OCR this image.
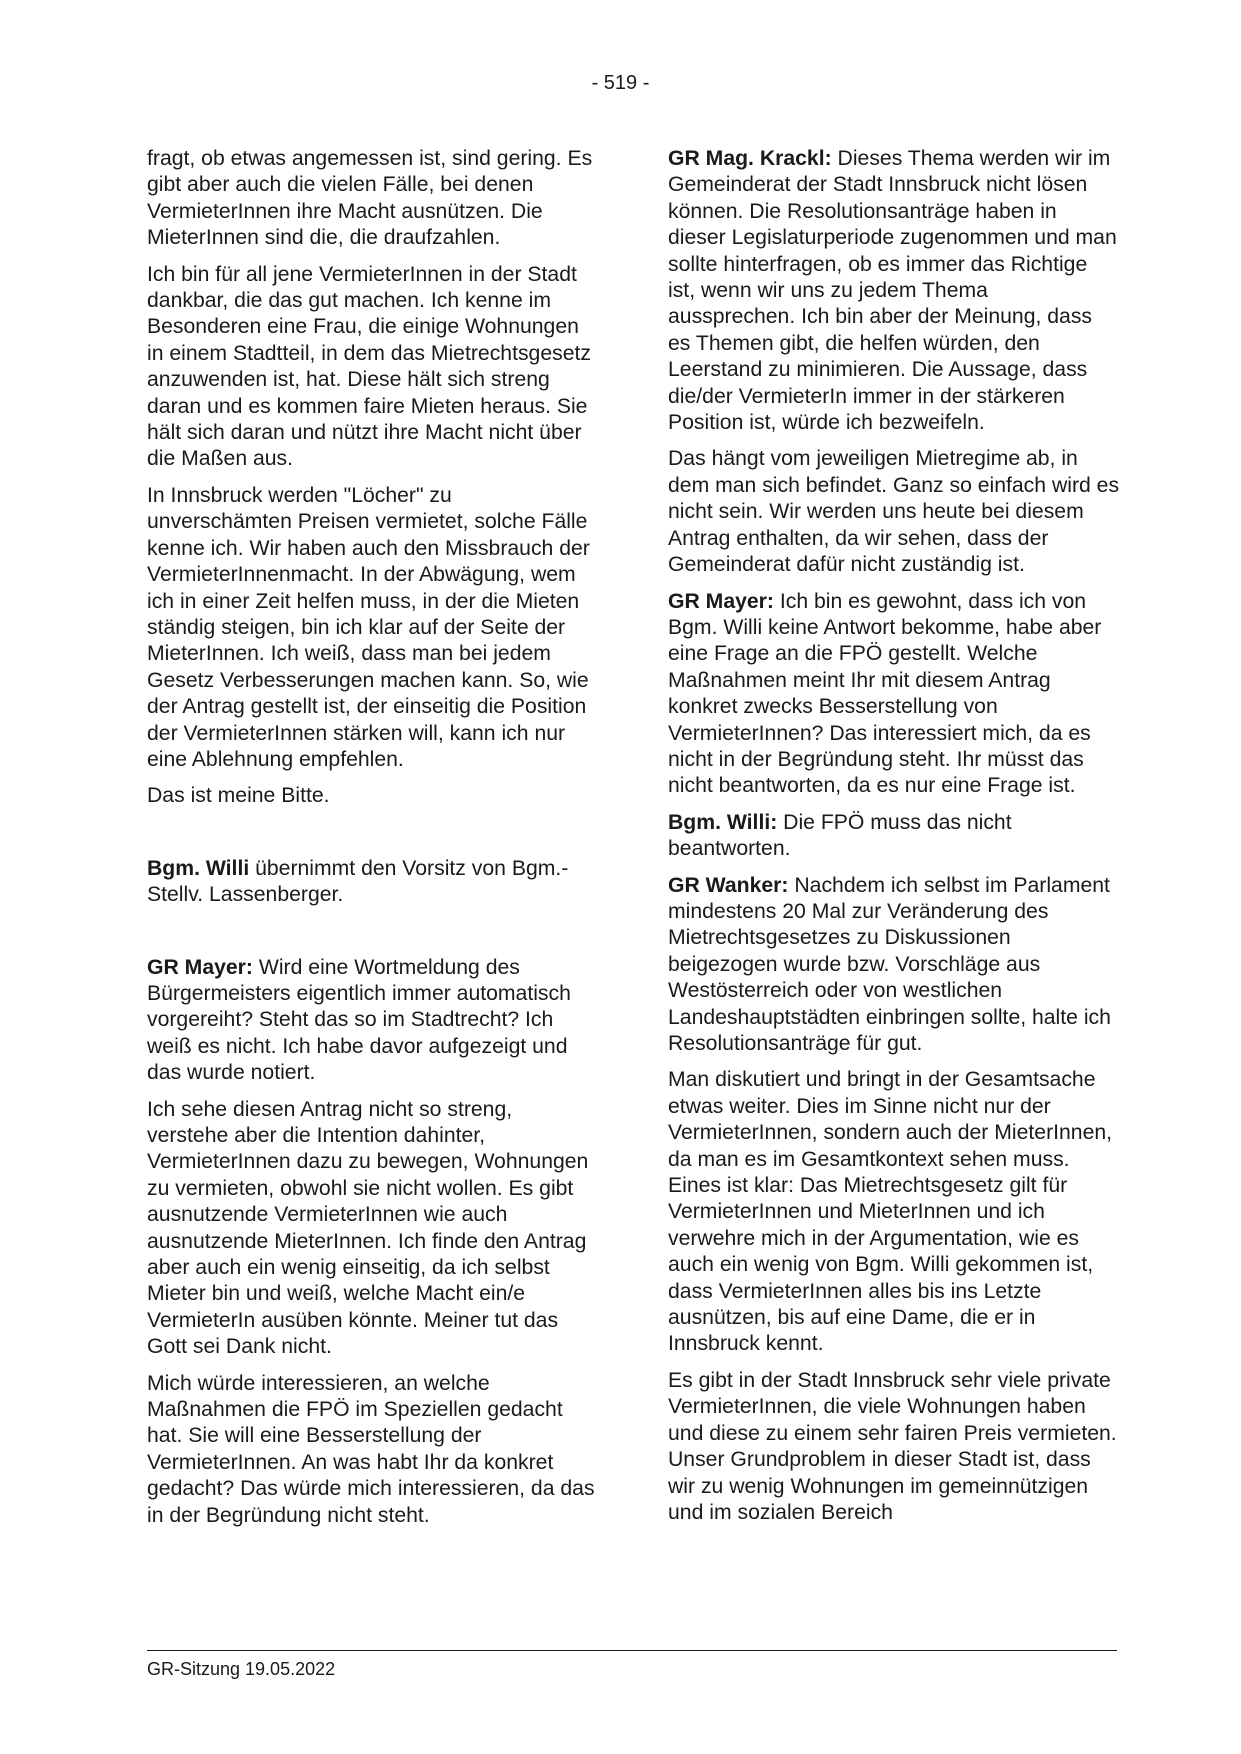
- 519 -

fragt, ob etwas angemessen ist, sind gering. Es gibt aber auch die vielen Fälle, bei denen VermieterInnen ihre Macht ausnützen. Die MieterInnen sind die, die draufzahlen.

Ich bin für all jene VermieterInnen in der Stadt dankbar, die das gut machen. Ich kenne im Besonderen eine Frau, die einige Wohnungen in einem Stadtteil, in dem das Mietrechtsgesetz anzuwenden ist, hat. Diese hält sich streng daran und es kommen faire Mieten heraus. Sie hält sich daran und nützt ihre Macht nicht über die Maßen aus.

In Innsbruck werden "Löcher" zu unverschämten Preisen vermietet, solche Fälle kenne ich. Wir haben auch den Missbrauch der VermieterInnenmacht. In der Abwägung, wem ich in einer Zeit helfen muss, in der die Mieten ständig steigen, bin ich klar auf der Seite der MieterInnen. Ich weiß, dass man bei jedem Gesetz Verbesserungen machen kann. So, wie der Antrag gestellt ist, der einseitig die Position der VermieterInnen stärken will, kann ich nur eine Ablehnung empfehlen.

Das ist meine Bitte.

Bgm. Willi übernimmt den Vorsitz von Bgm.-Stellv. Lassenberger.

GR Mayer: Wird eine Wortmeldung des Bürgermeisters eigentlich immer automatisch vorgereiht? Steht das so im Stadtrecht? Ich weiß es nicht. Ich habe davor aufgezeigt und das wurde notiert.

Ich sehe diesen Antrag nicht so streng, verstehe aber die Intention dahinter, VermieterInnen dazu zu bewegen, Wohnungen zu vermieten, obwohl sie nicht wollen. Es gibt ausnutzende VermieterInnen wie auch ausnutzende MieterInnen. Ich finde den Antrag aber auch ein wenig einseitig, da ich selbst Mieter bin und weiß, welche Macht ein/e VermieterIn ausüben könnte. Meiner tut das Gott sei Dank nicht.

Mich würde interessieren, an welche Maßnahmen die FPÖ im Speziellen gedacht hat. Sie will eine Besserstellung der VermieterInnen. An was habt Ihr da konkret gedacht? Das würde mich interessieren, da das in der Begründung nicht steht.

GR Mag. Krackl: Dieses Thema werden wir im Gemeinderat der Stadt Innsbruck nicht lösen können. Die Resolutionsanträge haben in dieser Legislaturperiode zugenommen und man sollte hinterfragen, ob es immer das Richtige ist, wenn wir uns zu jedem Thema aussprechen. Ich bin aber der Meinung, dass es Themen gibt, die helfen würden, den Leerstand zu minimieren. Die Aussage, dass die/der VermieterIn immer in der stärkeren Position ist, würde ich bezweifeln.

Das hängt vom jeweiligen Mietregime ab, in dem man sich befindet. Ganz so einfach wird es nicht sein. Wir werden uns heute bei diesem Antrag enthalten, da wir sehen, dass der Gemeinderat dafür nicht zuständig ist.

GR Mayer: Ich bin es gewohnt, dass ich von Bgm. Willi keine Antwort bekomme, habe aber eine Frage an die FPÖ gestellt. Welche Maßnahmen meint Ihr mit diesem Antrag konkret zwecks Besserstellung von VermieterInnen? Das interessiert mich, da es nicht in der Begründung steht. Ihr müsst das nicht beantworten, da es nur eine Frage ist.

Bgm. Willi: Die FPÖ muss das nicht beantworten.

GR Wanker: Nachdem ich selbst im Parlament mindestens 20 Mal zur Veränderung des Mietrechtsgesetzes zu Diskussionen beigezogen wurde bzw. Vorschläge aus Westösterreich oder von westlichen Landeshauptstädten einbringen sollte, halte ich Resolutionsanträge für gut.

Man diskutiert und bringt in der Gesamtsache etwas weiter. Dies im Sinne nicht nur der VermieterInnen, sondern auch der MieterInnen, da man es im Gesamtkontext sehen muss. Eines ist klar: Das Mietrechtsgesetz gilt für VermieterInnen und MieterInnen und ich verwehre mich in der Argumentation, wie es auch ein wenig von Bgm. Willi gekommen ist, dass VermieterInnen alles bis ins Letzte ausnützen, bis auf eine Dame, die er in Innsbruck kennt.

Es gibt in der Stadt Innsbruck sehr viele private VermieterInnen, die viele Wohnungen haben und diese zu einem sehr fairen Preis vermieten. Unser Grundproblem in dieser Stadt ist, dass wir zu wenig Wohnungen im gemeinnützigen und im sozialen Bereich

GR-Sitzung 19.05.2022
